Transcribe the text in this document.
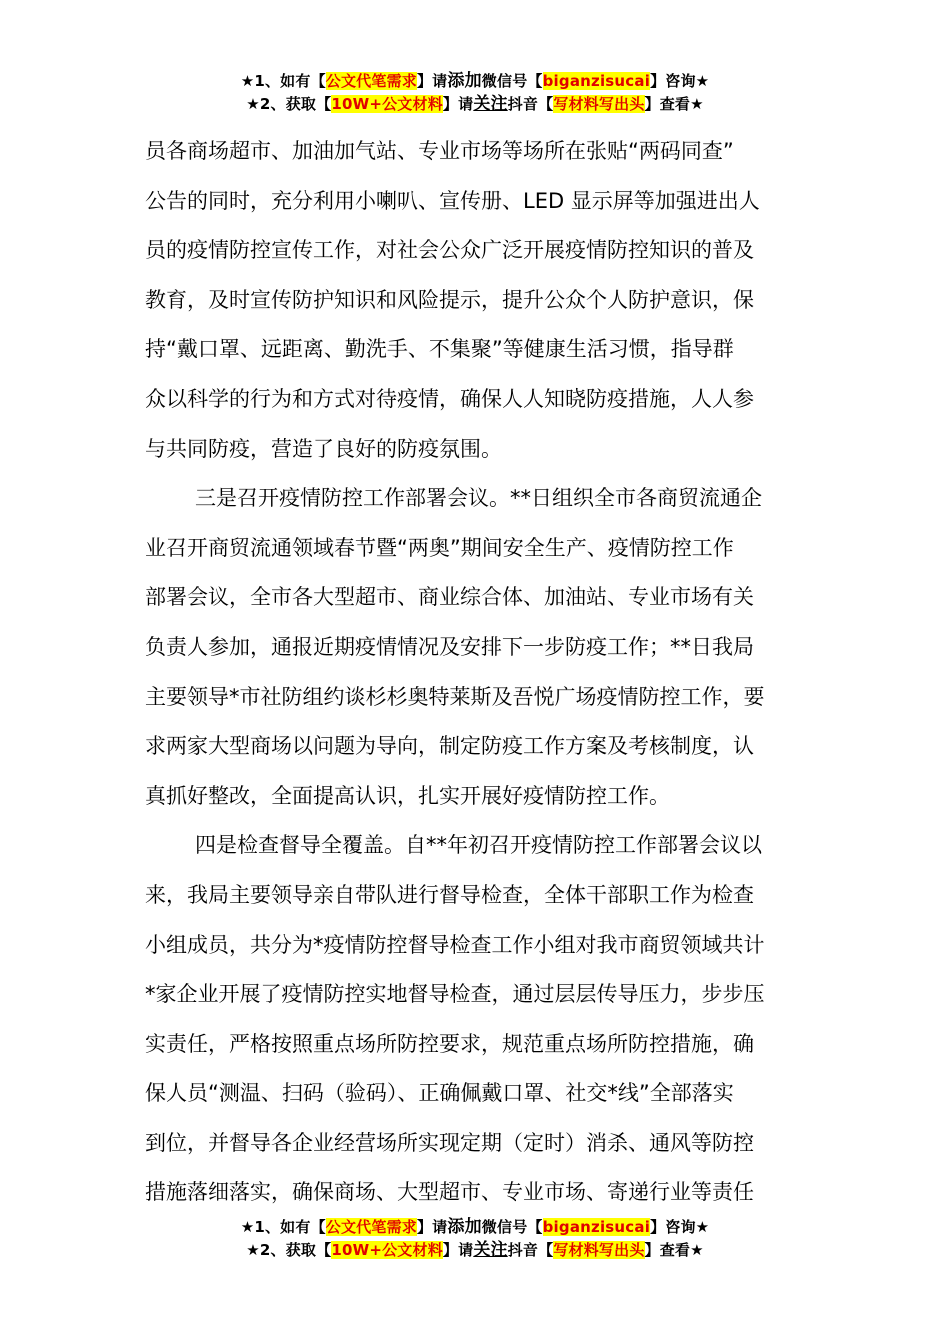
★1、如有【公文代笔需求】请添加微信号【biganzisucai】咨询★
★2、获取【10W+公文材料】请关注抖音【写材料写出头】查看★
员各商场超市、加油加气站、专业市场等场所在张贴“两码同查”
公告的同时，充分利用小喇叭、宣传册、LED 显示屏等加强进出人
员的疫情防控宣传工作，对社会公众广泛开展疫情防控知识的普及
教育，及时宣传防护知识和风险提示，提升公众个人防护意识，保
持“戴口罩、远距离、勤洗手、不集聚”等健康生活习惯，指导群
众以科学的行为和方式对待疫情，确保人人知晓防疫措施，人人参
与共同防疫，营造了良好的防疫氛围。
三是召开疫情防控工作部署会议。**日组织全市各商贸流通企
业召开商贸流通领域春节暨“两奥”期间安全生产、疫情防控工作
部署会议，全市各大型超市、商业综合体、加油站、专业市场有关
负责人参加，通报近期疫情情况及安排下一步防疫工作；**日我局
主要领导*市社防组约谈杉杉奥特莱斯及吾悦广场疫情防控工作，要
求两家大型商场以问题为导向，制定防疫工作方案及考核制度，认
真抓好整改，全面提高认识，扎实开展好疫情防控工作。
四是检查督导全覆盖。自**年初召开疫情防控工作部署会议以
来，我局主要领导亲自带队进行督导检查，全体干部职工作为检查
小组成员，共分为*疫情防控督导检查工作小组对我市商贸领域共计
*家企业开展了疫情防控实地督导检查，通过层层传导压力，步步压
实责任，严格按照重点场所防控要求，规范重点场所防控措施，确
保人员“测温、扫码（验码）、正确佩戴口罩、社交*线”全部落实
到位，并督导各企业经营场所实现定期（定时）消杀、通风等防控
措施落细落实，确保商场、大型超市、专业市场、寄递行业等责任
★1、如有【公文代笔需求】请添加微信号【biganzisucai】咨询★
★2、获取【10W+公文材料】请关注抖音【写材料写出头】查看★
